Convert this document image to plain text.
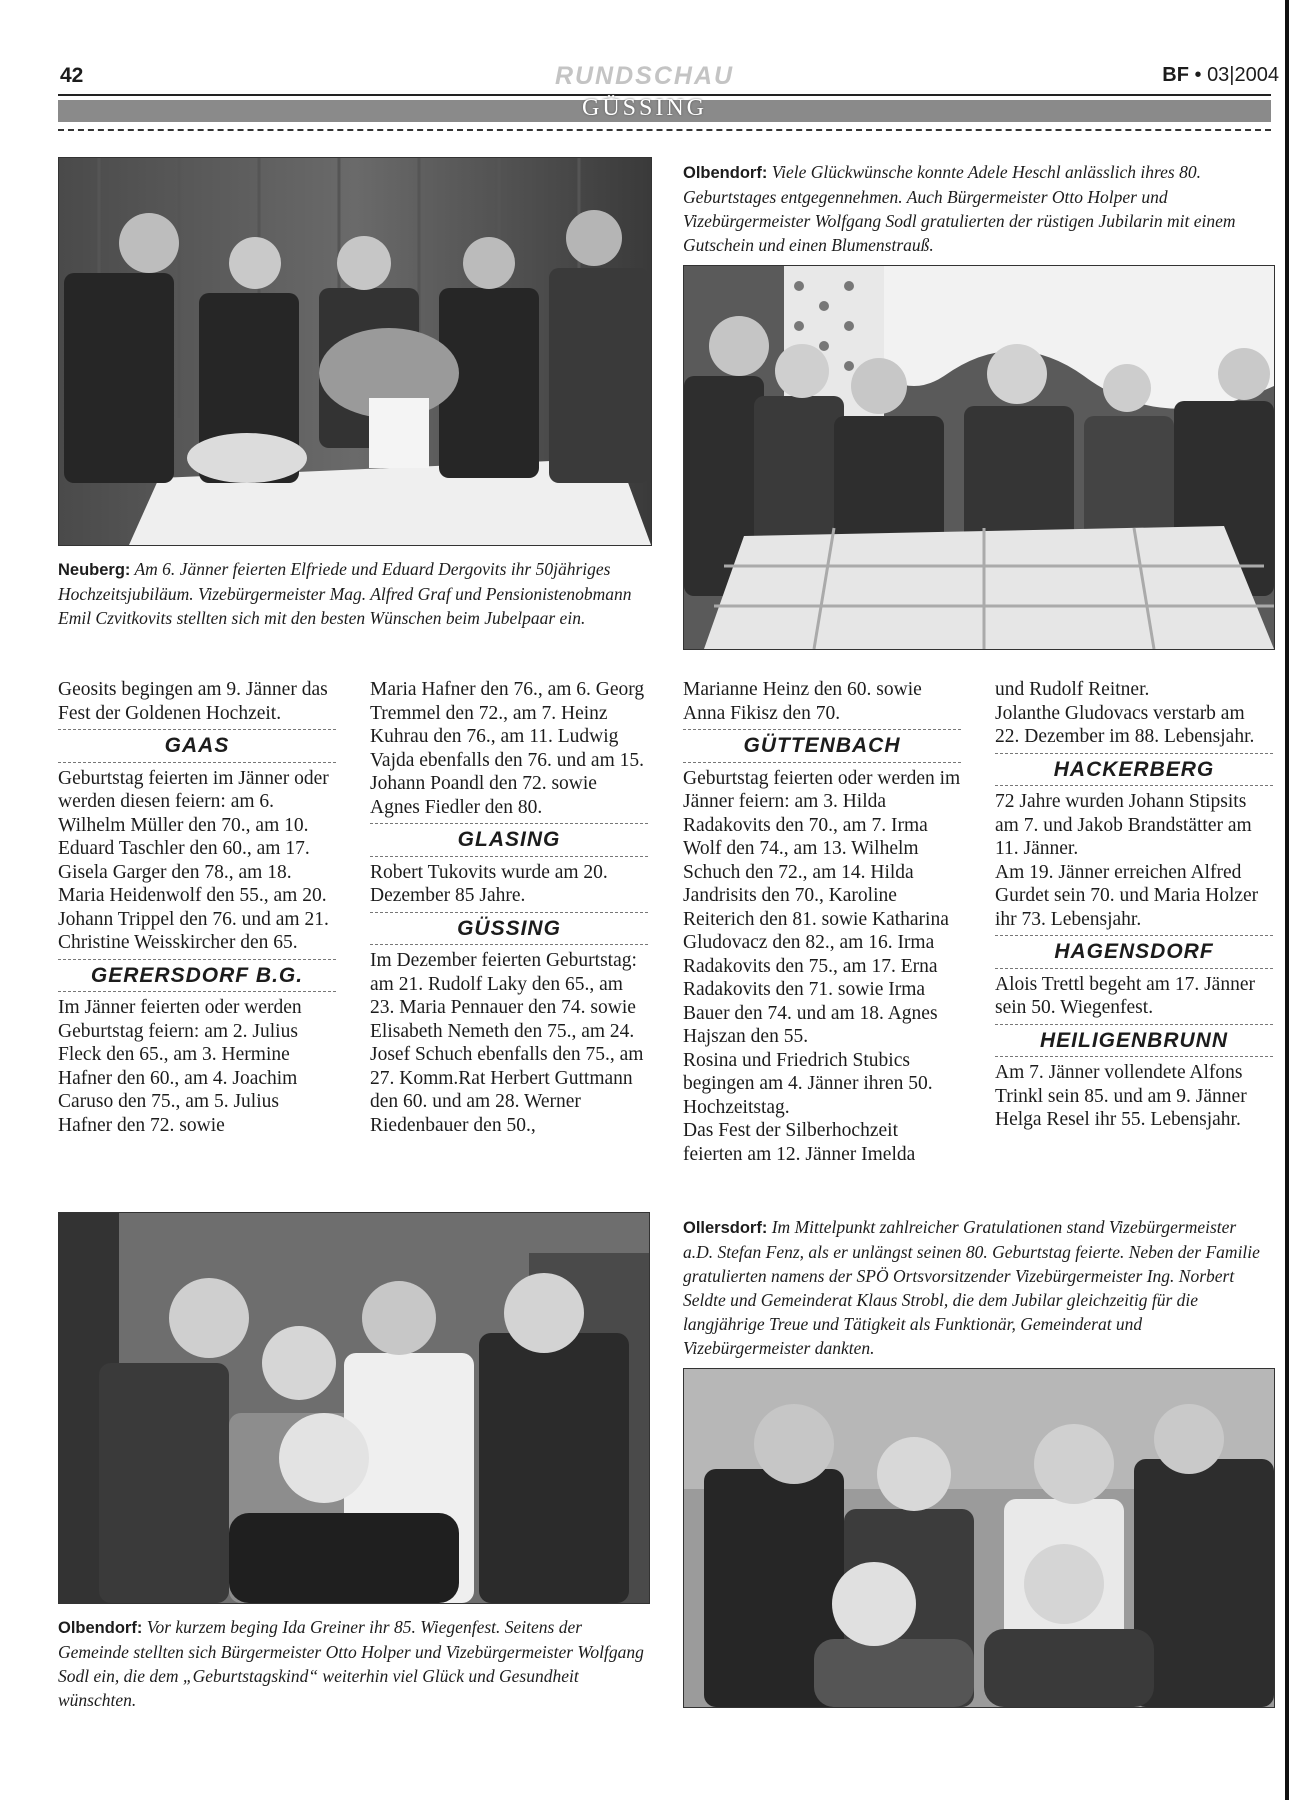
42	RUNDSCHAU	BF • 03|2004
GÜSSING
Neuberg: Am 6. Jänner feierten Elfriede und Eduard Dergovits ihr 50jähriges Hochzeitsjubiläum. Vizebürgermeister Mag. Alfred Graf und Pensionistenobmann Emil Czvitkovits stellten sich mit den besten Wünschen beim Jubelpaar ein.
Olbendorf: Viele Glückwünsche konnte Adele Heschl anlässlich ihres 80. Geburtstages entgegennehmen. Auch Bürgermeister Otto Holper und Vizebürgermeister Wolfgang Sodl gratulierten der rüstigen Jubilarin mit einem Gutschein und einen Blumenstrauß.

Geosits begingen am 9. Jänner das Fest der Goldenen Hochzeit.

GAAS

Geburtstag feierten im Jänner oder werden diesen feiern: am 6. Wilhelm Müller den 70., am 10. Eduard Taschler den 60., am 17. Gisela Garger den 78., am 18. Maria Heidenwolf den 55., am 20. Johann Trippel den 76. und am 21. Christine Weisskircher den 65.

GERERSDORF B.G.

Im Jänner feierten oder werden Geburtstag feiern: am 2. Julius Fleck den 65., am 3. Hermine Hafner den 60., am 4. Joachim Caruso den 75., am 5. Julius Hafner den 72. sowie

Maria Hafner den 76., am 6. Georg Tremmel den 72., am 7. Heinz Kuhrau den 76., am 11. Ludwig Vajda ebenfalls den 76. und am 15. Johann Poandl den 72. sowie Agnes Fiedler den 80.

GLASING

Robert Tukovits wurde am 20. Dezember 85 Jahre.

GÜSSING

Im Dezember feierten Geburtstag: am 21. Rudolf Laky den 65., am 23. Maria Pennauer den 74. sowie Elisabeth Nemeth den 75., am 24. Josef Schuch ebenfalls den 75., am 27. Komm.Rat Herbert Guttmann den 60. und am 28. Werner Riedenbauer den 50.,

Marianne Heinz den 60. sowie Anna Fikisz den 70.

GÜTTENBACH

Geburtstag feierten oder werden im Jänner feiern: am 3. Hilda Radakovits den 70., am 7. Irma Wolf den 74., am 13. Wilhelm Schuch den 72., am 14. Hilda Jandrisits den 70., Karoline Reiterich den 81. sowie Katharina Gludovacz den 82., am 16. Irma Radakovits den 75., am 17. Erna Radakovits den 71. sowie Irma Bauer den 74. und am 18. Agnes Hajszan den 55.

Rosina und Friedrich Stubics begingen am 4. Jänner ihren 50. Hochzeitstag.

Das Fest der Silberhochzeit feierten am 12. Jänner Imelda

und Rudolf Reitner.

Jolanthe Gludovacs verstarb am 22. Dezember im 88. Lebensjahr.

HACKERBERG

72 Jahre wurden Johann Stipsits am 7. und Jakob Brandstätter am 11. Jänner.

Am 19. Jänner erreichen Alfred Gurdet sein 70. und Maria Holzer ihr 73. Lebensjahr.

HAGENSDORF

Alois Trettl begeht am 17. Jänner sein 50. Wiegenfest.

HEILIGENBRUNN

Am 7. Jänner vollendete Alfons Trinkl sein 85. und am 9. Jänner Helga Resel ihr 55. Lebensjahr.

Olbendorf: Vor kurzem beging Ida Greiner ihr 85. Wiegenfest. Seitens der Gemeinde stellten sich Bürgermeister Otto Holper und Vizebürgermeister Wolfgang Sodl ein, die dem „Geburtstagskind“ weiterhin viel Glück und Gesundheit wünschten.
Ollersdorf: Im Mittelpunkt zahlreicher Gratulationen stand Vizebürgermeister a.D. Stefan Fenz, als er unlängst seinen 80. Geburtstag feierte. Neben der Familie gratulierten namens der SPÖ Ortsvorsitzender Vizebürgermeister Ing. Norbert Seldte und Gemeinderat Klaus Strobl, die dem Jubilar gleichzeitig für die langjährige Treue und Tätigkeit als Funktionär, Gemeinderat und Vizebürgermeister dankten.
